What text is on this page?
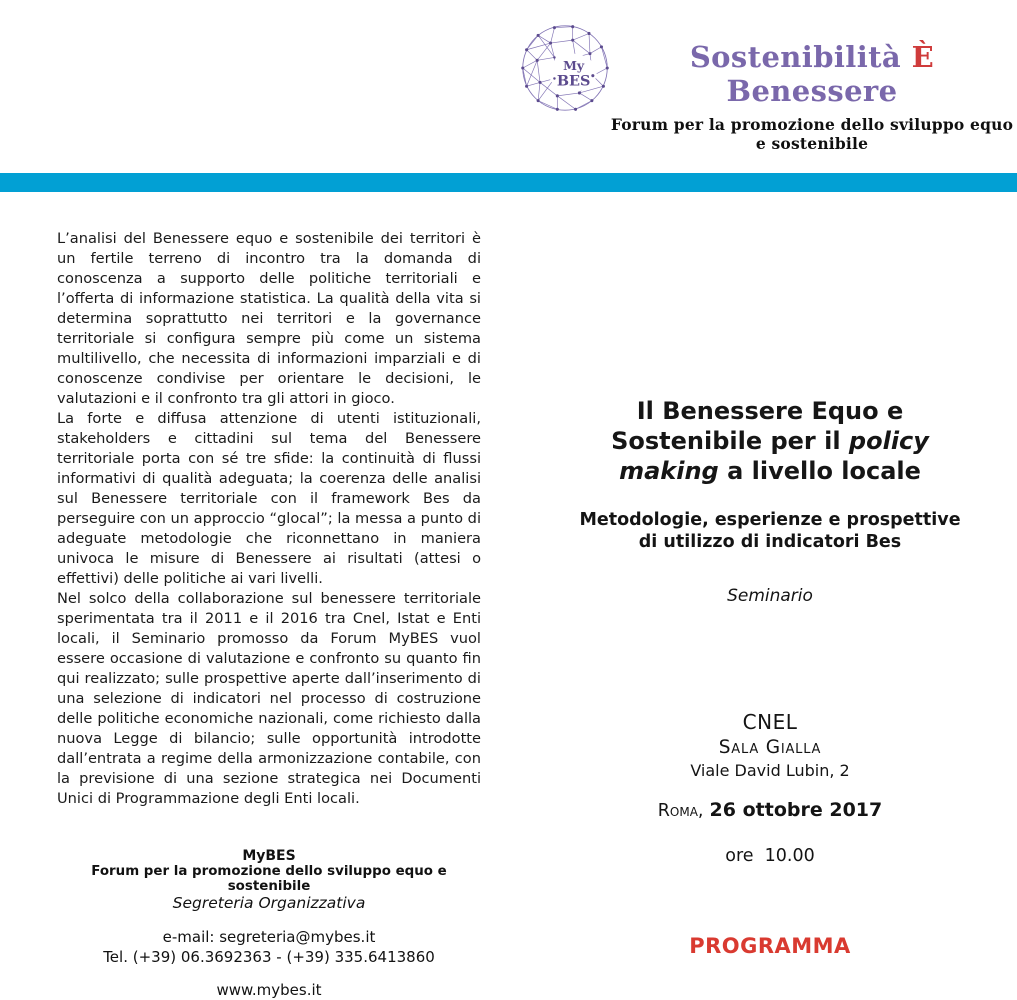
My
BES
Sostenibilità È Benessere
Forum per la promozione dello sviluppo equo e sostenibile

L’analisi del Benessere equo e sostenibile dei territori è un fertile terreno di incontro tra la domanda di conoscenza a supporto delle politiche territoriali e l’offerta di informazione statistica. La qualità della vita si determina soprattutto nei territori e la governance territoriale si configura sempre più come un sistema multilivello, che necessita di informazioni imparziali e di conoscenze condivise per orientare le decisioni, le valutazioni e il confronto tra gli attori in gioco.

La forte e diffusa attenzione di utenti istituzionali, stakeholders e cittadini sul tema del Benessere territoriale porta con sé tre sfide: la continuità di flussi informativi di qualità adeguata; la coerenza delle analisi sul Benessere territoriale con il framework Bes da perseguire con un approccio “glocal”; la messa a punto di adeguate metodologie che riconnettano in maniera univoca le misure di Benessere ai risultati (attesi o effettivi) delle politiche ai vari livelli.

Nel solco della collaborazione sul benessere territoriale sperimentata tra il 2011 e il 2016 tra Cnel, Istat e Enti locali, il Seminario promosso da Forum MyBES vuol essere occasione di valutazione e confronto su quanto fin qui realizzato; sulle prospettive aperte dall’inserimento di una selezione di indicatori nel processo di costruzione delle politiche economiche nazionali, come richiesto dalla nuova Legge di bilancio; sulle opportunità introdotte dall’entrata a regime della armonizzazione contabile, con la previsione di una sezione strategica nei Documenti Unici di Programmazione degli Enti locali.

MyBES
Forum per la promozione dello sviluppo equo e sostenibile
Segreteria Organizzativa
e-mail: segreteria@mybes.it
Tel. (+39) 06.3692363 - (+39) 335.6413860
www.mybes.it
Il Benessere Equo e Sostenibile per il policy making a livello locale
Metodologie, esperienze e prospettive di utilizzo di indicatori Bes
Seminario
CNEL
Sala Gialla
Viale David Lubin, 2
Roma, 26 ottobre 2017
ore  10.00
PROGRAMMA
